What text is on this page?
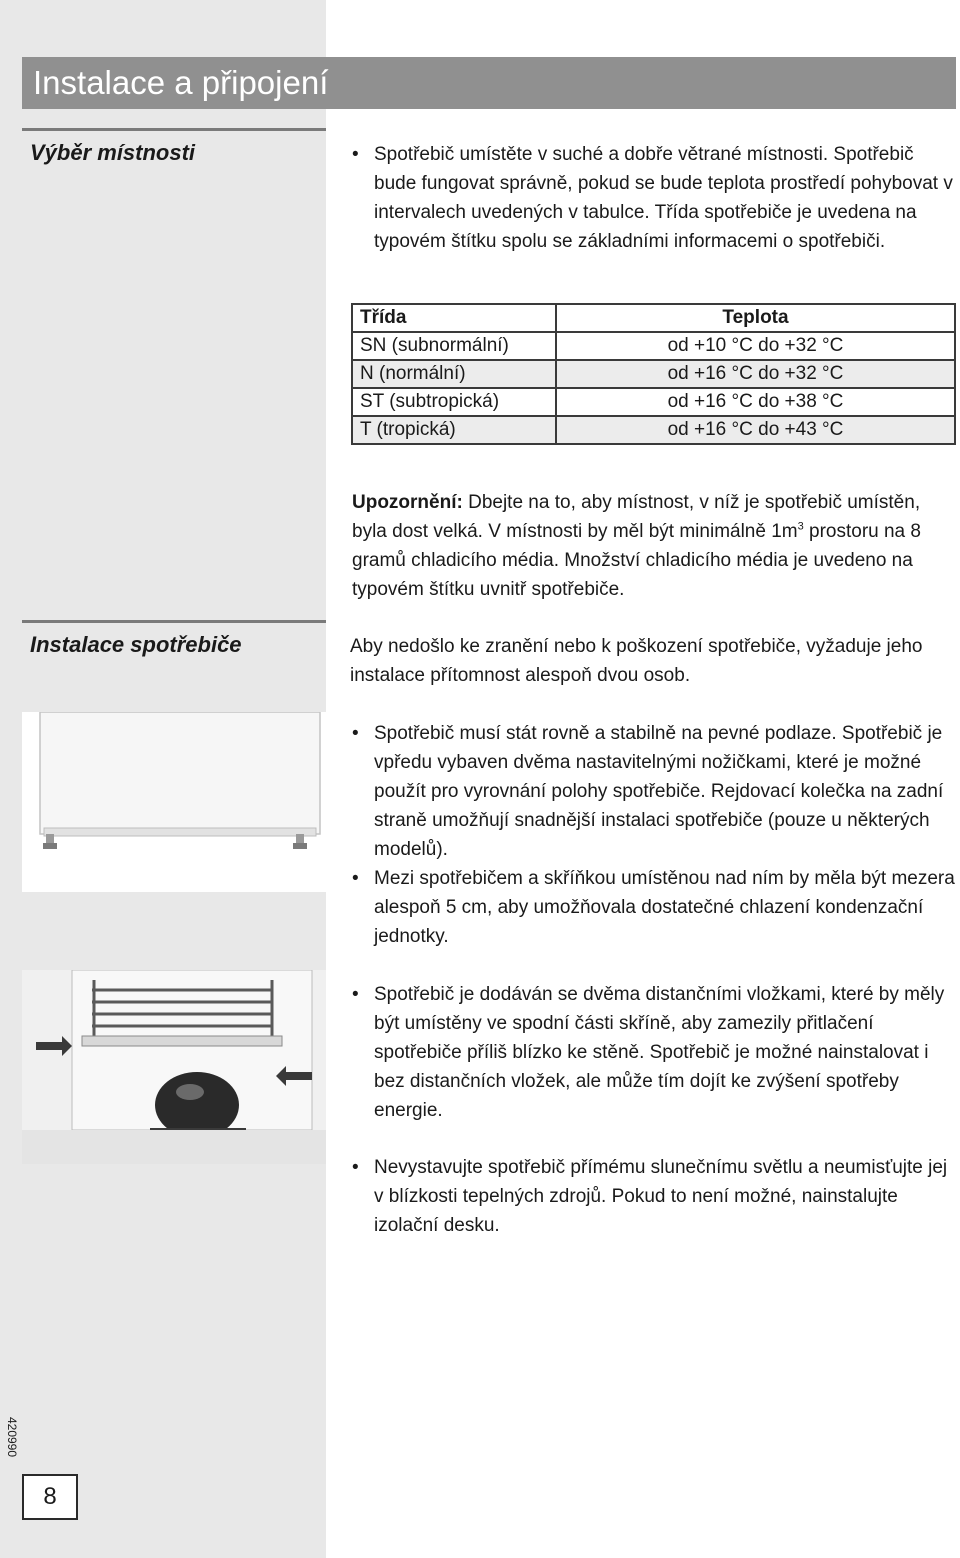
Instalace a připojení
Výběr místnosti	• Spotřebič umístěte v suché a dobře větrané místnosti. Spotřebič bude fungovat správně, pokud se bude teplota prostředí pohybovat v intervalech uvedených v tabulce. Třída spotřebiče je uvedena na typovém štítku spolu se základními informacemi o spotřebiči.
Třída	Teplota
SN (subnormální)	od +10 °C do +32 °C
N (normální)	od +16 °C do +32 °C
ST (subtropická)	od +16 °C do +38 °C
T (tropická)	od +16 °C do +43 °C
Upozornění: Dbejte na to, aby místnost, v níž je spotřebič umístěn, byla dost velká. V místnosti by měl být minimálně $1m^3$ prostoru na 8 gramů chladicího média. Množství chladicího média je uvedeno na typovém štítku uvnitř spotřebiče.
Instalace spotřebiče	Aby nedošlo ke zranění nebo k poškození spotřebiče, vyžaduje jeho instalace přítomnost alespoň dvou osob.
• Spotřebič musí stát rovně a stabilně na pevné podlaze. Spotřebič je vpředu vybaven dvěma nastavitelnými nožičkami, které je možné použít pro vyrovnání polohy spotřebiče. Rejdovací kolečka na zadní straně umožňují snadnější instalaci spotřebiče (pouze u některých modelů).
• Mezi spotřebičem a skříňkou umístěnou nad ním by měla být mezera alespoň 5 cm, aby umožňovala dostatečné chlazení kondenzační jednotky.
• Spotřebič je dodáván se dvěma distančními vložkami, které by měly být umístěny ve spodní části skříně, aby zamezily přitlačení spotřebiče příliš blízko ke stěně. Spotřebič je možné nainstalovat i bez distančních vložek, ale může tím dojít ke zvýšení spotřeby energie.
• Nevystavujte spotřebič přímému slunečnímu světlu a neumisťujte jej v blízkosti tepelných zdrojů. Pokud to není možné, nainstalujte izolační desku.
420990
8
